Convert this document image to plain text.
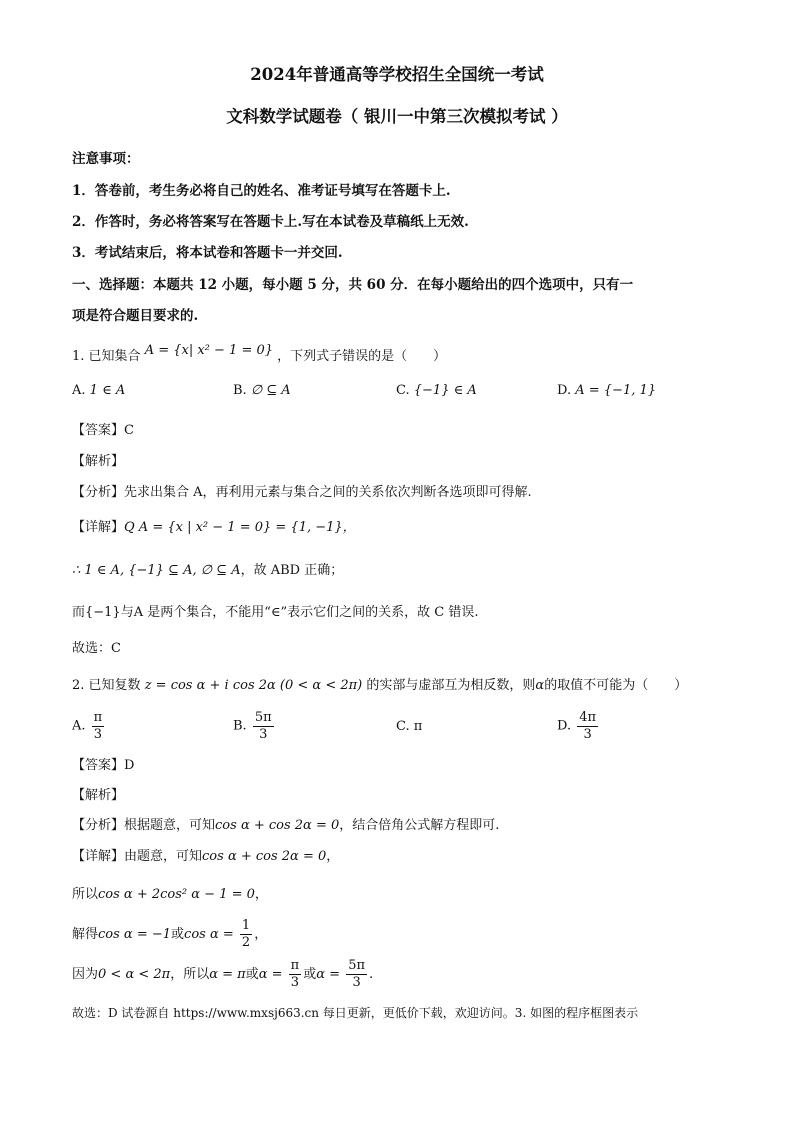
2024年普通高等学校招生全国统一考试
文科数学试题卷（ 银川一中第三次模拟考试 ）
注意事项：
1．答卷前，考生务必将自己的姓名、准考证号填写在答题卡上.
2．作答时，务必将答案写在答题卡上.写在本试卷及草稿纸上无效.
3．考试结束后，将本试卷和答题卡一并交回.
一、选择题：本题共 12 小题，每小题 5 分，共 60 分．在每小题给出的四个选项中，只有一
项是符合题目要求的.
1. 已知集合 A = {x| x² − 1 = 0} ，下列式子错误的是（　　）
A. 1 ∈ A	B. ∅ ⊆ A	C. {−1} ∈ A	D. A = {−1, 1}
【答案】C
【解析】
【分析】先求出集合 A，再利用元素与集合之间的关系依次判断各选项即可得解.
【详解】Q A = {x | x² − 1 = 0} = {1, −1}，
∴ 1 ∈ A, {−1} ⊆ A, ∅ ⊆ A，故 ABD 正确；
而{−1}与A 是两个集合，不能用“∈”表示它们之间的关系，故 C 错误.
故选：C
2. 已知复数 z = cos α + i cos 2α (0 < α < 2π) 的实部与虚部互为相反数，则α的取值不可能为（　　）
A. $\frac{\pi}{3}$	B. $\frac{5\pi}{3}$	C. π	D. $\frac{4\pi}{3}$
【答案】D
【解析】
【分析】根据题意，可知cos α + cos 2α = 0，结合倍角公式解方程即可.
【详解】由题意，可知cos α + cos 2α = 0，
所以cos α + 2cos² α − 1 = 0，
解得cos α = −1或$\cos \alpha = \frac{1}{2}$ ，
因为0 < α < 2π，所以α = π或$\alpha = \frac{\pi}{3}$ 或$\alpha = \frac{5\pi}{3}$ .
故选：D 试卷源自 https://www.mxsj663.cn 每日更新，更低价下载，欢迎访问。3. 如图的程序框图表示
